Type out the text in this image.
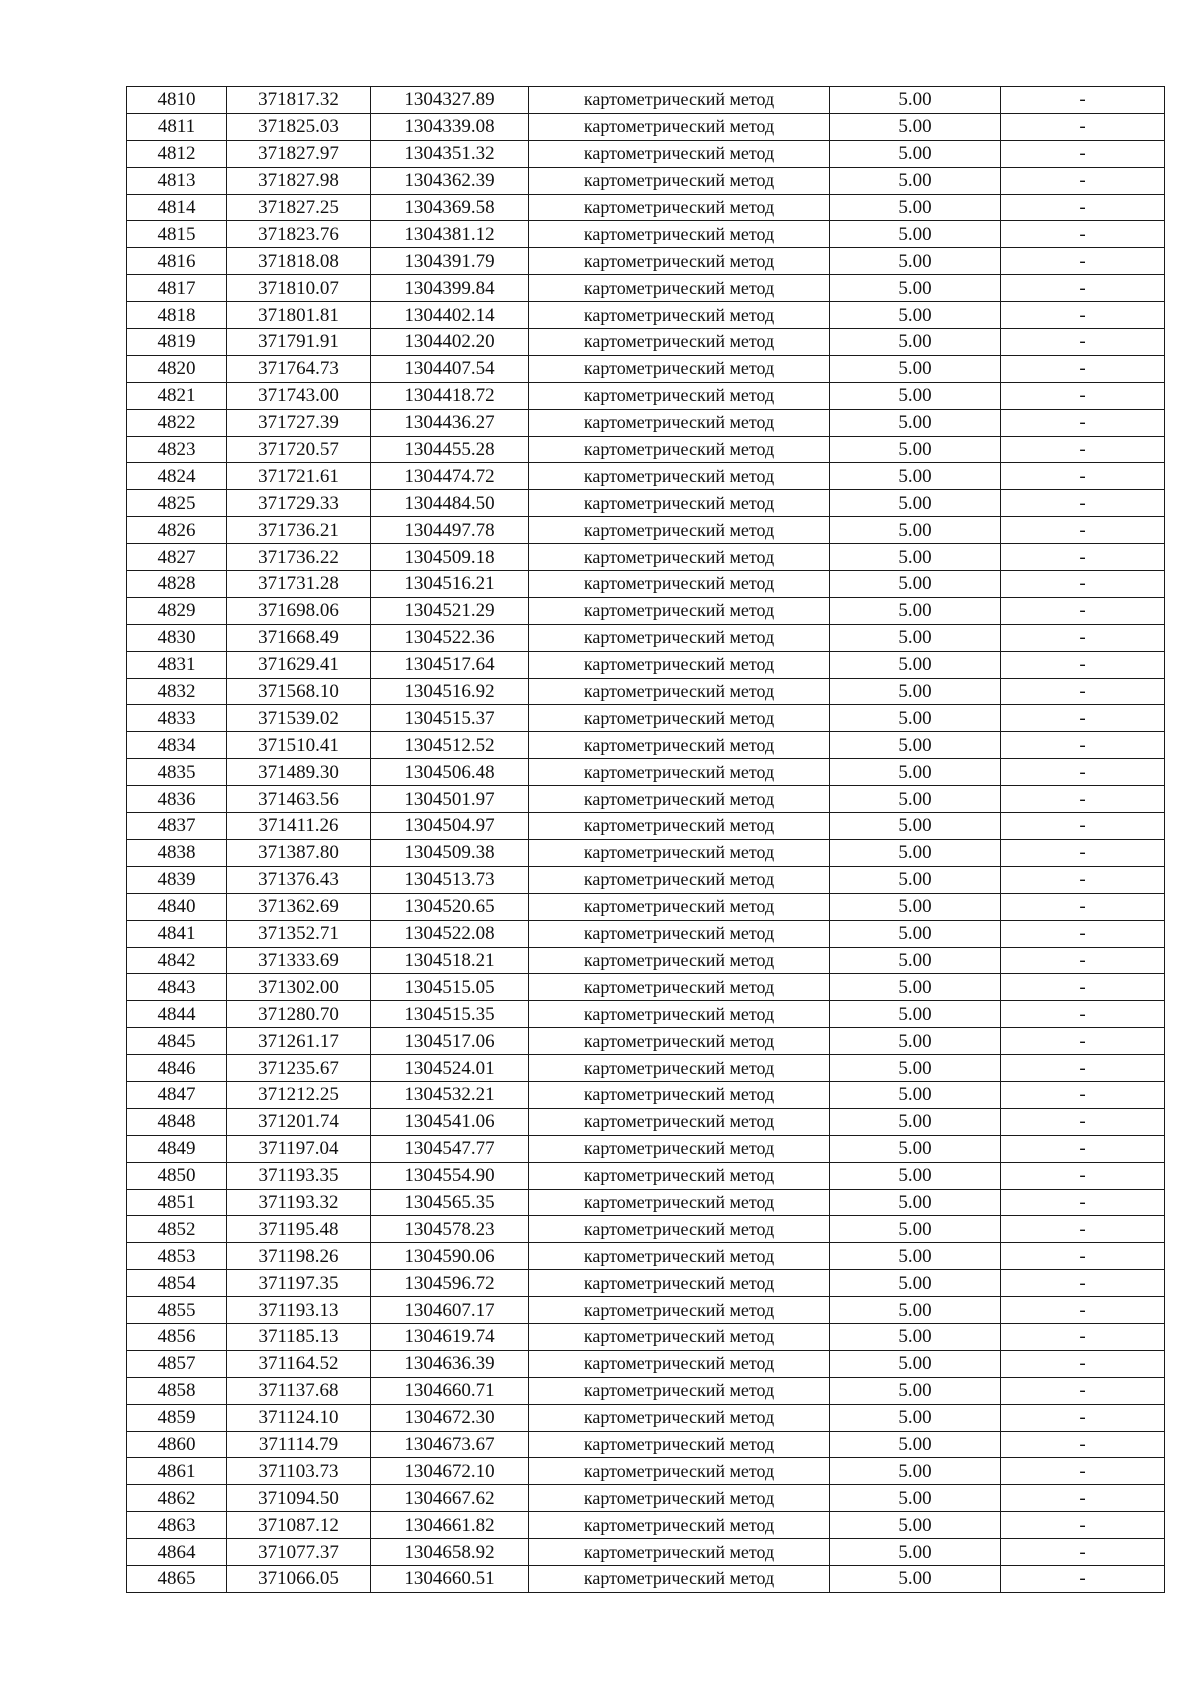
4810	371817.32	1304327.89	картометрический метод	5.00	-
4811	371825.03	1304339.08	картометрический метод	5.00	-
4812	371827.97	1304351.32	картометрический метод	5.00	-
4813	371827.98	1304362.39	картометрический метод	5.00	-
4814	371827.25	1304369.58	картометрический метод	5.00	-
4815	371823.76	1304381.12	картометрический метод	5.00	-
4816	371818.08	1304391.79	картометрический метод	5.00	-
4817	371810.07	1304399.84	картометрический метод	5.00	-
4818	371801.81	1304402.14	картометрический метод	5.00	-
4819	371791.91	1304402.20	картометрический метод	5.00	-
4820	371764.73	1304407.54	картометрический метод	5.00	-
4821	371743.00	1304418.72	картометрический метод	5.00	-
4822	371727.39	1304436.27	картометрический метод	5.00	-
4823	371720.57	1304455.28	картометрический метод	5.00	-
4824	371721.61	1304474.72	картометрический метод	5.00	-
4825	371729.33	1304484.50	картометрический метод	5.00	-
4826	371736.21	1304497.78	картометрический метод	5.00	-
4827	371736.22	1304509.18	картометрический метод	5.00	-
4828	371731.28	1304516.21	картометрический метод	5.00	-
4829	371698.06	1304521.29	картометрический метод	5.00	-
4830	371668.49	1304522.36	картометрический метод	5.00	-
4831	371629.41	1304517.64	картометрический метод	5.00	-
4832	371568.10	1304516.92	картометрический метод	5.00	-
4833	371539.02	1304515.37	картометрический метод	5.00	-
4834	371510.41	1304512.52	картометрический метод	5.00	-
4835	371489.30	1304506.48	картометрический метод	5.00	-
4836	371463.56	1304501.97	картометрический метод	5.00	-
4837	371411.26	1304504.97	картометрический метод	5.00	-
4838	371387.80	1304509.38	картометрический метод	5.00	-
4839	371376.43	1304513.73	картометрический метод	5.00	-
4840	371362.69	1304520.65	картометрический метод	5.00	-
4841	371352.71	1304522.08	картометрический метод	5.00	-
4842	371333.69	1304518.21	картометрический метод	5.00	-
4843	371302.00	1304515.05	картометрический метод	5.00	-
4844	371280.70	1304515.35	картометрический метод	5.00	-
4845	371261.17	1304517.06	картометрический метод	5.00	-
4846	371235.67	1304524.01	картометрический метод	5.00	-
4847	371212.25	1304532.21	картометрический метод	5.00	-
4848	371201.74	1304541.06	картометрический метод	5.00	-
4849	371197.04	1304547.77	картометрический метод	5.00	-
4850	371193.35	1304554.90	картометрический метод	5.00	-
4851	371193.32	1304565.35	картометрический метод	5.00	-
4852	371195.48	1304578.23	картометрический метод	5.00	-
4853	371198.26	1304590.06	картометрический метод	5.00	-
4854	371197.35	1304596.72	картометрический метод	5.00	-
4855	371193.13	1304607.17	картометрический метод	5.00	-
4856	371185.13	1304619.74	картометрический метод	5.00	-
4857	371164.52	1304636.39	картометрический метод	5.00	-
4858	371137.68	1304660.71	картометрический метод	5.00	-
4859	371124.10	1304672.30	картометрический метод	5.00	-
4860	371114.79	1304673.67	картометрический метод	5.00	-
4861	371103.73	1304672.10	картометрический метод	5.00	-
4862	371094.50	1304667.62	картометрический метод	5.00	-
4863	371087.12	1304661.82	картометрический метод	5.00	-
4864	371077.37	1304658.92	картометрический метод	5.00	-
4865	371066.05	1304660.51	картометрический метод	5.00	-
